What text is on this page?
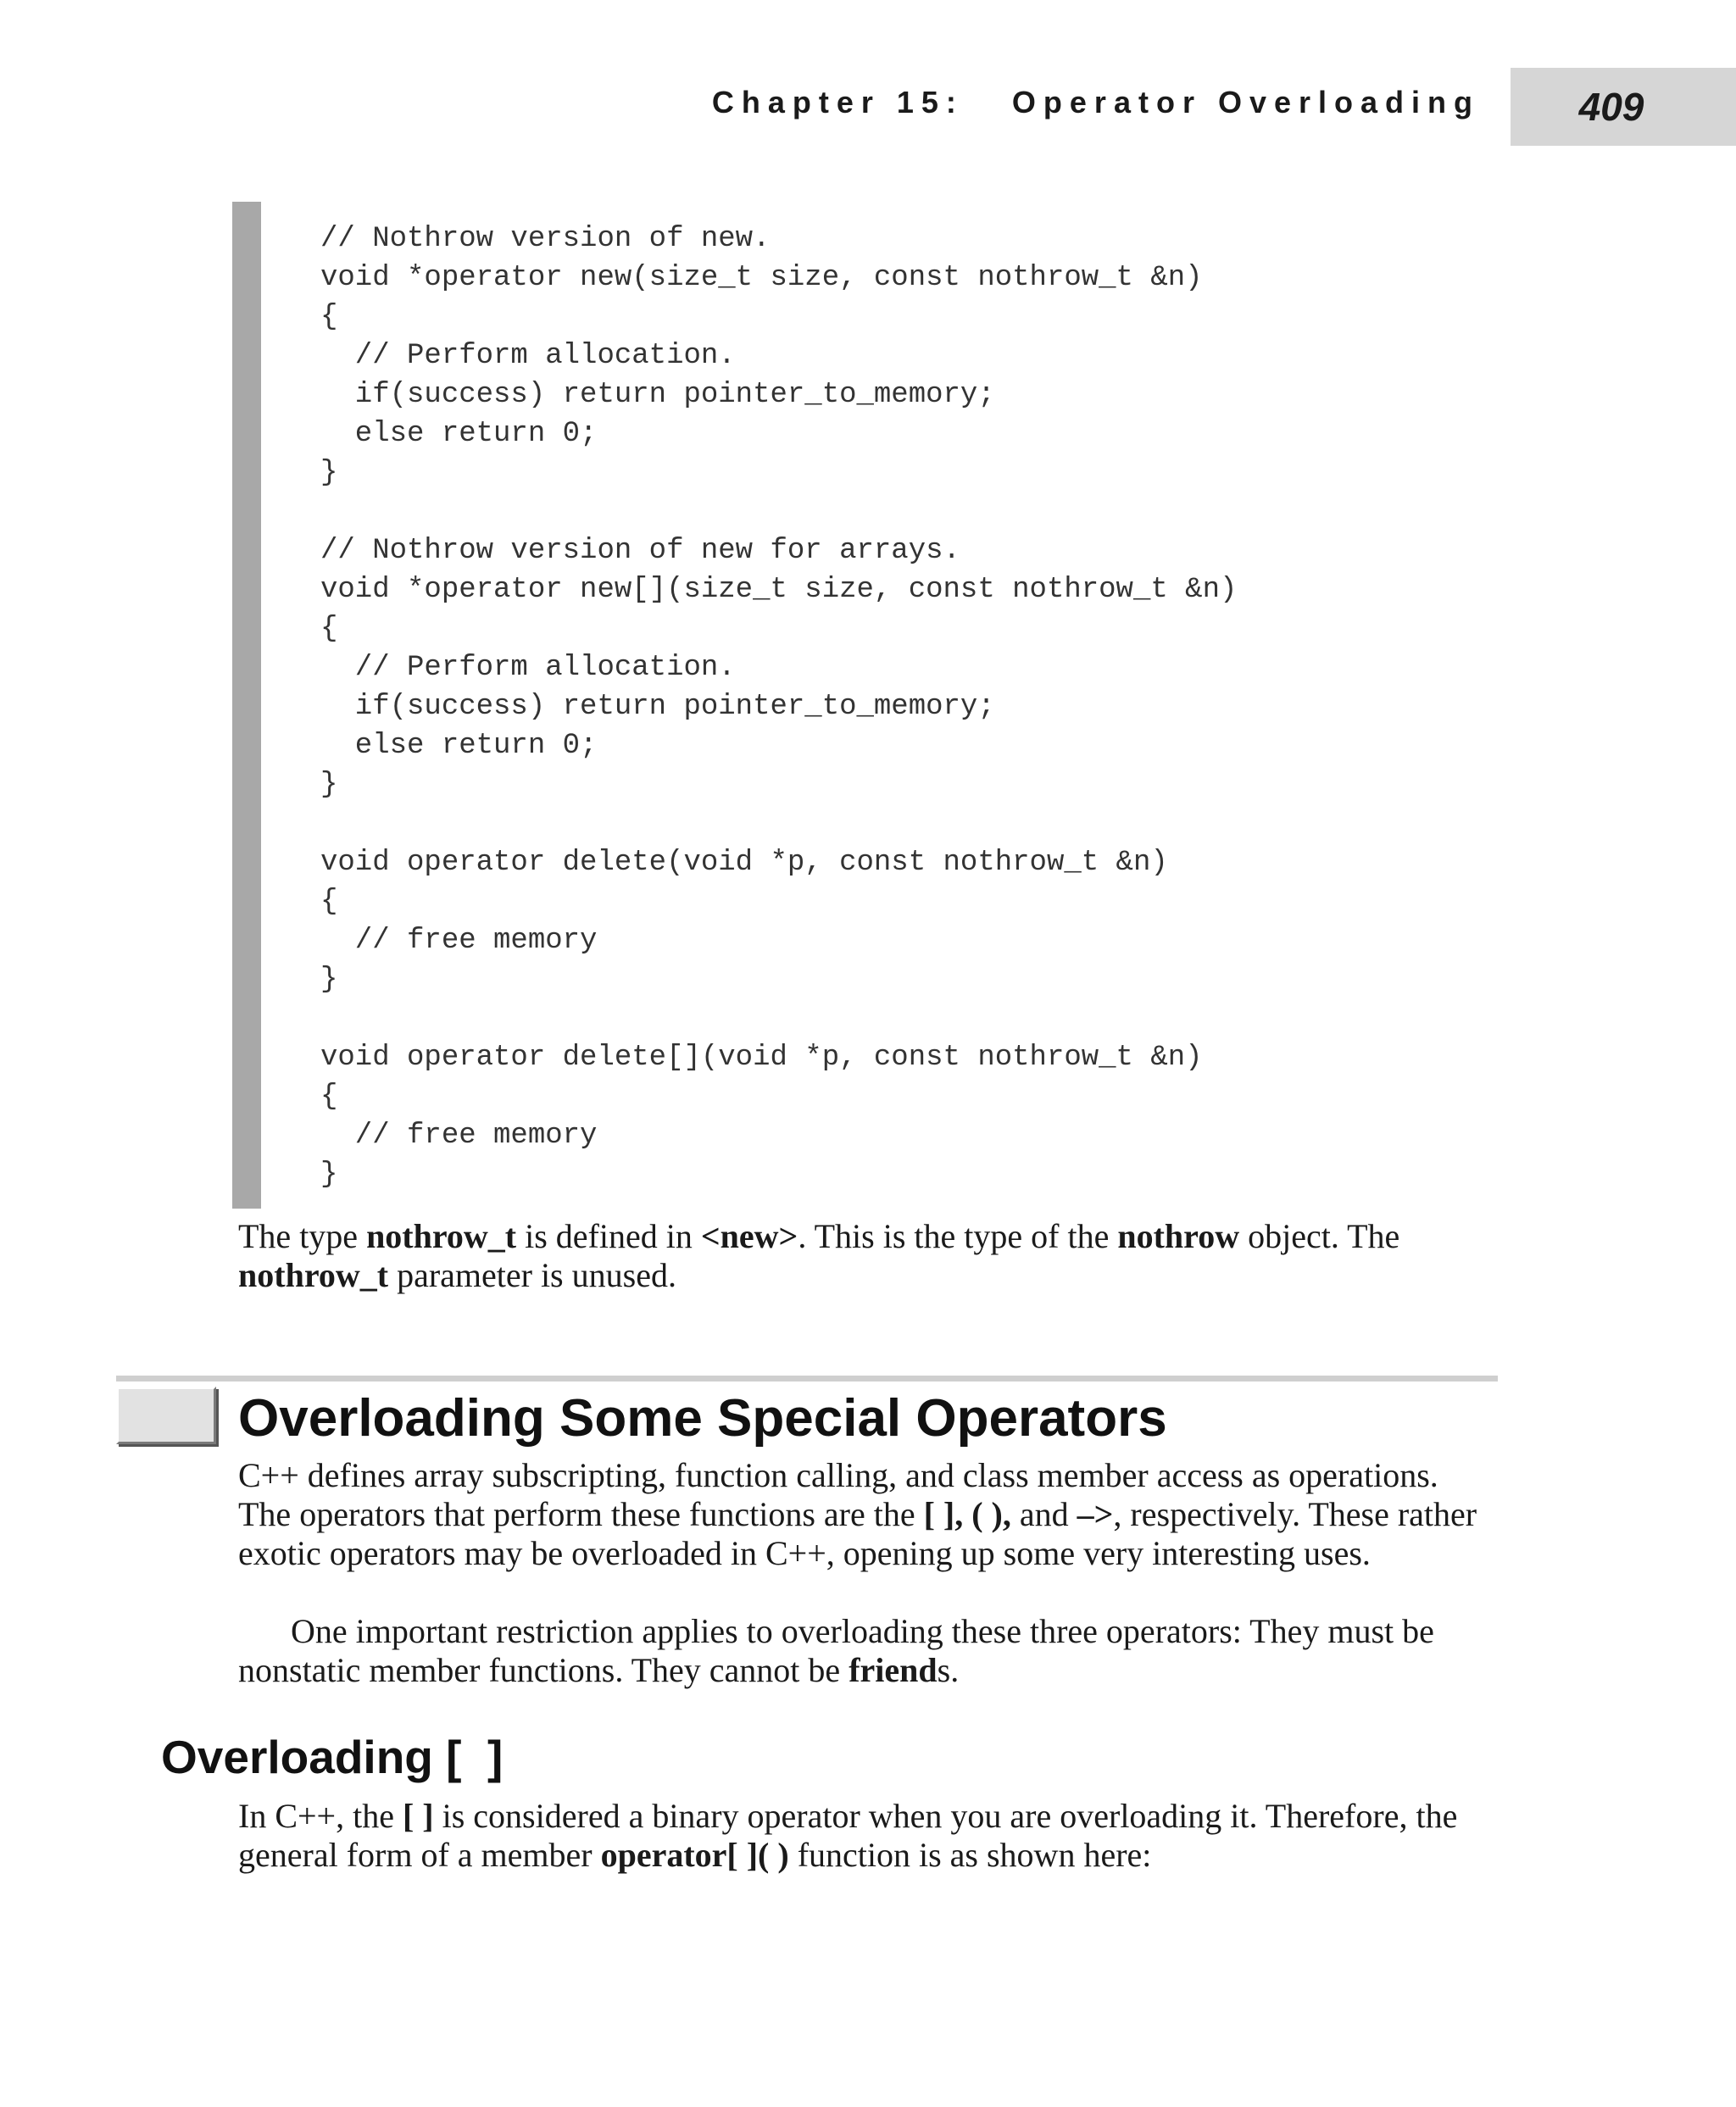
Chapter 15:   Operator Overloading	409
// Nothrow version of new.
void *operator new(size_t size, const nothrow_t &n)
{
// Perform allocation.
if(success) return pointer_to_memory;
else return 0;
}
// Nothrow version of new for arrays.
void *operator new[](size_t size, const nothrow_t &n)
{
// Perform allocation.
if(success) return pointer_to_memory;
else return 0;
}
void operator delete(void *p, const nothrow_t &n)
{
// free memory
}
void operator delete[](void *p, const nothrow_t &n)
{
// free memory
}

The type nothrow_t is defined in <new>. This is the type of the nothrow object. The nothrow_t parameter is unused.

Overloading Some Special Operators

C++ defines array subscripting, function calling, and class member access as operations. The operators that perform these functions are the [ ], ( ), and –>, respectively. These rather exotic operators may be overloaded in C++, opening up some very interesting uses.

One important restriction applies to overloading these three operators: They must be nonstatic member functions. They cannot be friends.

Overloading [  ]

In C++, the [ ] is considered a binary operator when you are overloading it. Therefore, the general form of a member operator[ ]( ) function is as shown here:
